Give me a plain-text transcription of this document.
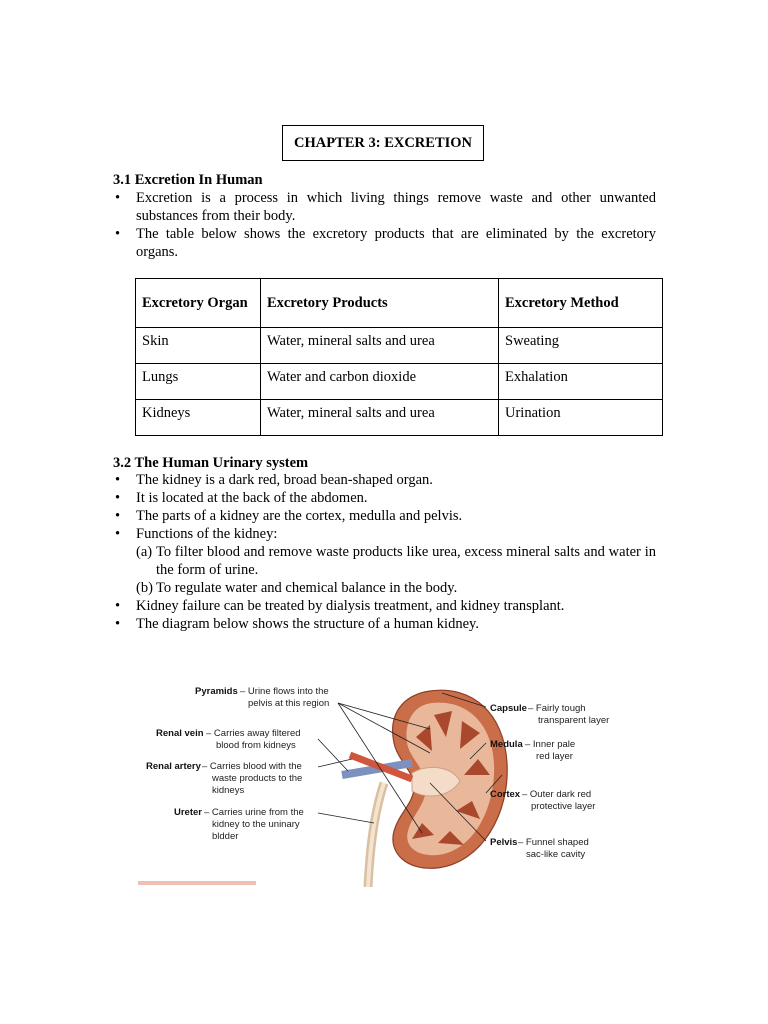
CHAPTER 3: EXCRETION
3.1 Excretion In Human
• Excretion is a process in which living things remove waste and other unwanted substances from their body.
• The table below shows the excretory products that are eliminated by the excretory organs.
Excretory Organ	Excretory Products	Excretory Method
Skin	Water, mineral salts and urea	Sweating
Lungs	Water and carbon dioxide	Exhalation
Kidneys	Water, mineral salts and urea	Urination
3.2 The Human Urinary system
• The kidney is a dark red, broad bean-shaped organ.
• It is located at the back of the abdomen.
• The parts of a kidney are the cortex, medulla and pelvis.
• Functions of the kidney:
(a) To filter blood and remove waste products like urea, excess mineral salts and water in the form of urine.
(b) To regulate water and chemical balance in the body.
• Kidney failure can be treated by dialysis treatment, and kidney transplant.
• The diagram below shows the structure of a human kidney.
Pyramids – Urine flows into the
pelvis at this region
Renal vein – Carries away filtered
blood from kidneys
Renal artery – Carries blood with the
waste products to the
kidneys
Ureter – Carries urine from the
kidney to the uninary
bldder
Capsule – Fairly tough
transparent layer
Medula – Inner pale
red layer
Cortex – Outer dark red
protective layer
Pelvis – Funnel shaped
sac-like cavity
